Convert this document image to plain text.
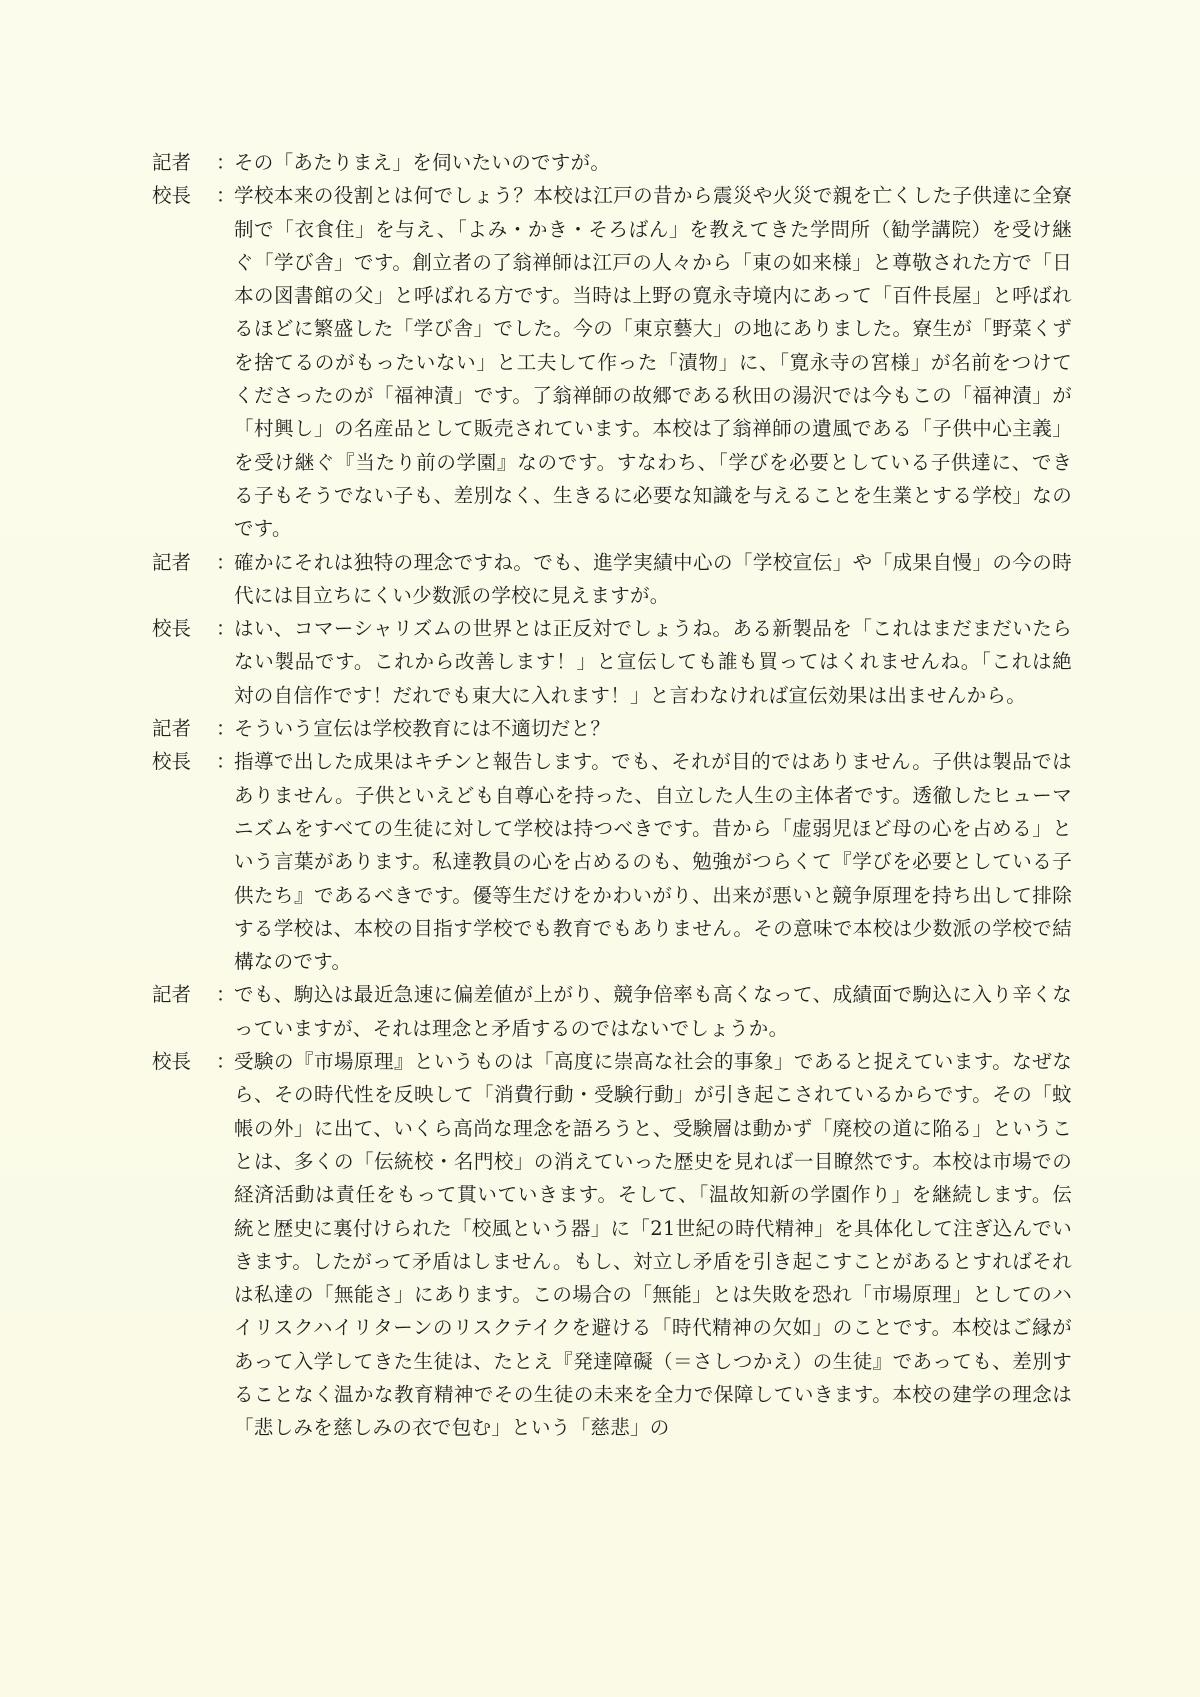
記者	：
その「あたりまえ」を伺いたいのですが。
校長	：
学校本来の役割とは何でしょう？本校は江戸の昔から震災や火災で親を亡くした子供達に全寮制で「衣食住」を与え、「よみ・かき・そろばん」を教えてきた学問所（勧学講院）を受け継ぐ「学び舎」です。創立者の了翁禅師は江戸の人々から「東の如来様」と尊敬された方で「日本の図書館の父」と呼ばれる方です。当時は上野の寛永寺境内にあって「百件長屋」と呼ばれるほどに繁盛した「学び舎」でした。今の「東京藝大」の地にありました。寮生が「野菜くずを捨てるのがもったいない」と工夫して作った「漬物」に、「寛永寺の宮様」が名前をつけてくださったのが「福神漬」です。了翁禅師の故郷である秋田の湯沢では今もこの「福神漬」が「村興し」の名産品として販売されています。本校は了翁禅師の遺風である「子供中心主義」を受け継ぐ『当たり前の学園』なのです。すなわち、「学びを必要としている子供達に、できる子もそうでない子も、差別なく、生きるに必要な知識を与えることを生業とする学校」なのです。
記者	：
確かにそれは独特の理念ですね。でも、進学実績中心の「学校宣伝」や「成果自慢」の今の時代には目立ちにくい少数派の学校に見えますが。
校長	：
はい、コマーシャリズムの世界とは正反対でしょうね。ある新製品を「これはまだまだいたらない製品です。これから改善します！」と宣伝しても誰も買ってはくれませんね。「これは絶対の自信作です！だれでも東大に入れます！」と言わなければ宣伝効果は出ませんから。
記者	：
そういう宣伝は学校教育には不適切だと？
校長	：
指導で出した成果はキチンと報告します。でも、それが目的ではありません。子供は製品ではありません。子供といえども自尊心を持った、自立した人生の主体者です。透徹したヒューマニズムをすべての生徒に対して学校は持つべきです。昔から「虚弱児ほど母の心を占める」という言葉があります。私達教員の心を占めるのも、勉強がつらくて『学びを必要としている子供たち』であるべきです。優等生だけをかわいがり、出来が悪いと競争原理を持ち出して排除する学校は、本校の目指す学校でも教育でもありません。その意味で本校は少数派の学校で結構なのです。
記者	：
でも、駒込は最近急速に偏差値が上がり、競争倍率も高くなって、成績面で駒込に入り辛くなっていますが、それは理念と矛盾するのではないでしょうか。
校長	：
受験の『市場原理』というものは「高度に崇高な社会的事象」であると捉えています。なぜなら、その時代性を反映して「消費行動・受験行動」が引き起こされているからです。その「蚊帳の外」に出て、いくら高尚な理念を語ろうと、受験層は動かず「廃校の道に陥る」ということは、多くの「伝統校・名門校」の消えていった歴史を見れば一目瞭然です。本校は市場での経済活動は責任をもって貫いていきます。そして、「温故知新の学園作り」を継続します。伝統と歴史に裏付けられた「校風という器」に「21世紀の時代精神」を具体化して注ぎ込んでいきます。したがって矛盾はしません。もし、対立し矛盾を引き起こすことがあるとすればそれは私達の「無能さ」にあります。この場合の「無能」とは失敗を恐れ「市場原理」としてのハイリスクハイリターンのリスクテイクを避ける「時代精神の欠如」のことです。本校はご縁があって入学してきた生徒は、たとえ『発達障礙（＝さしつかえ）の生徒』であっても、差別することなく温かな教育精神でその生徒の未来を全力で保障していきます。本校の建学の理念は「悲しみを慈しみの衣で包む」という「慈悲」の
